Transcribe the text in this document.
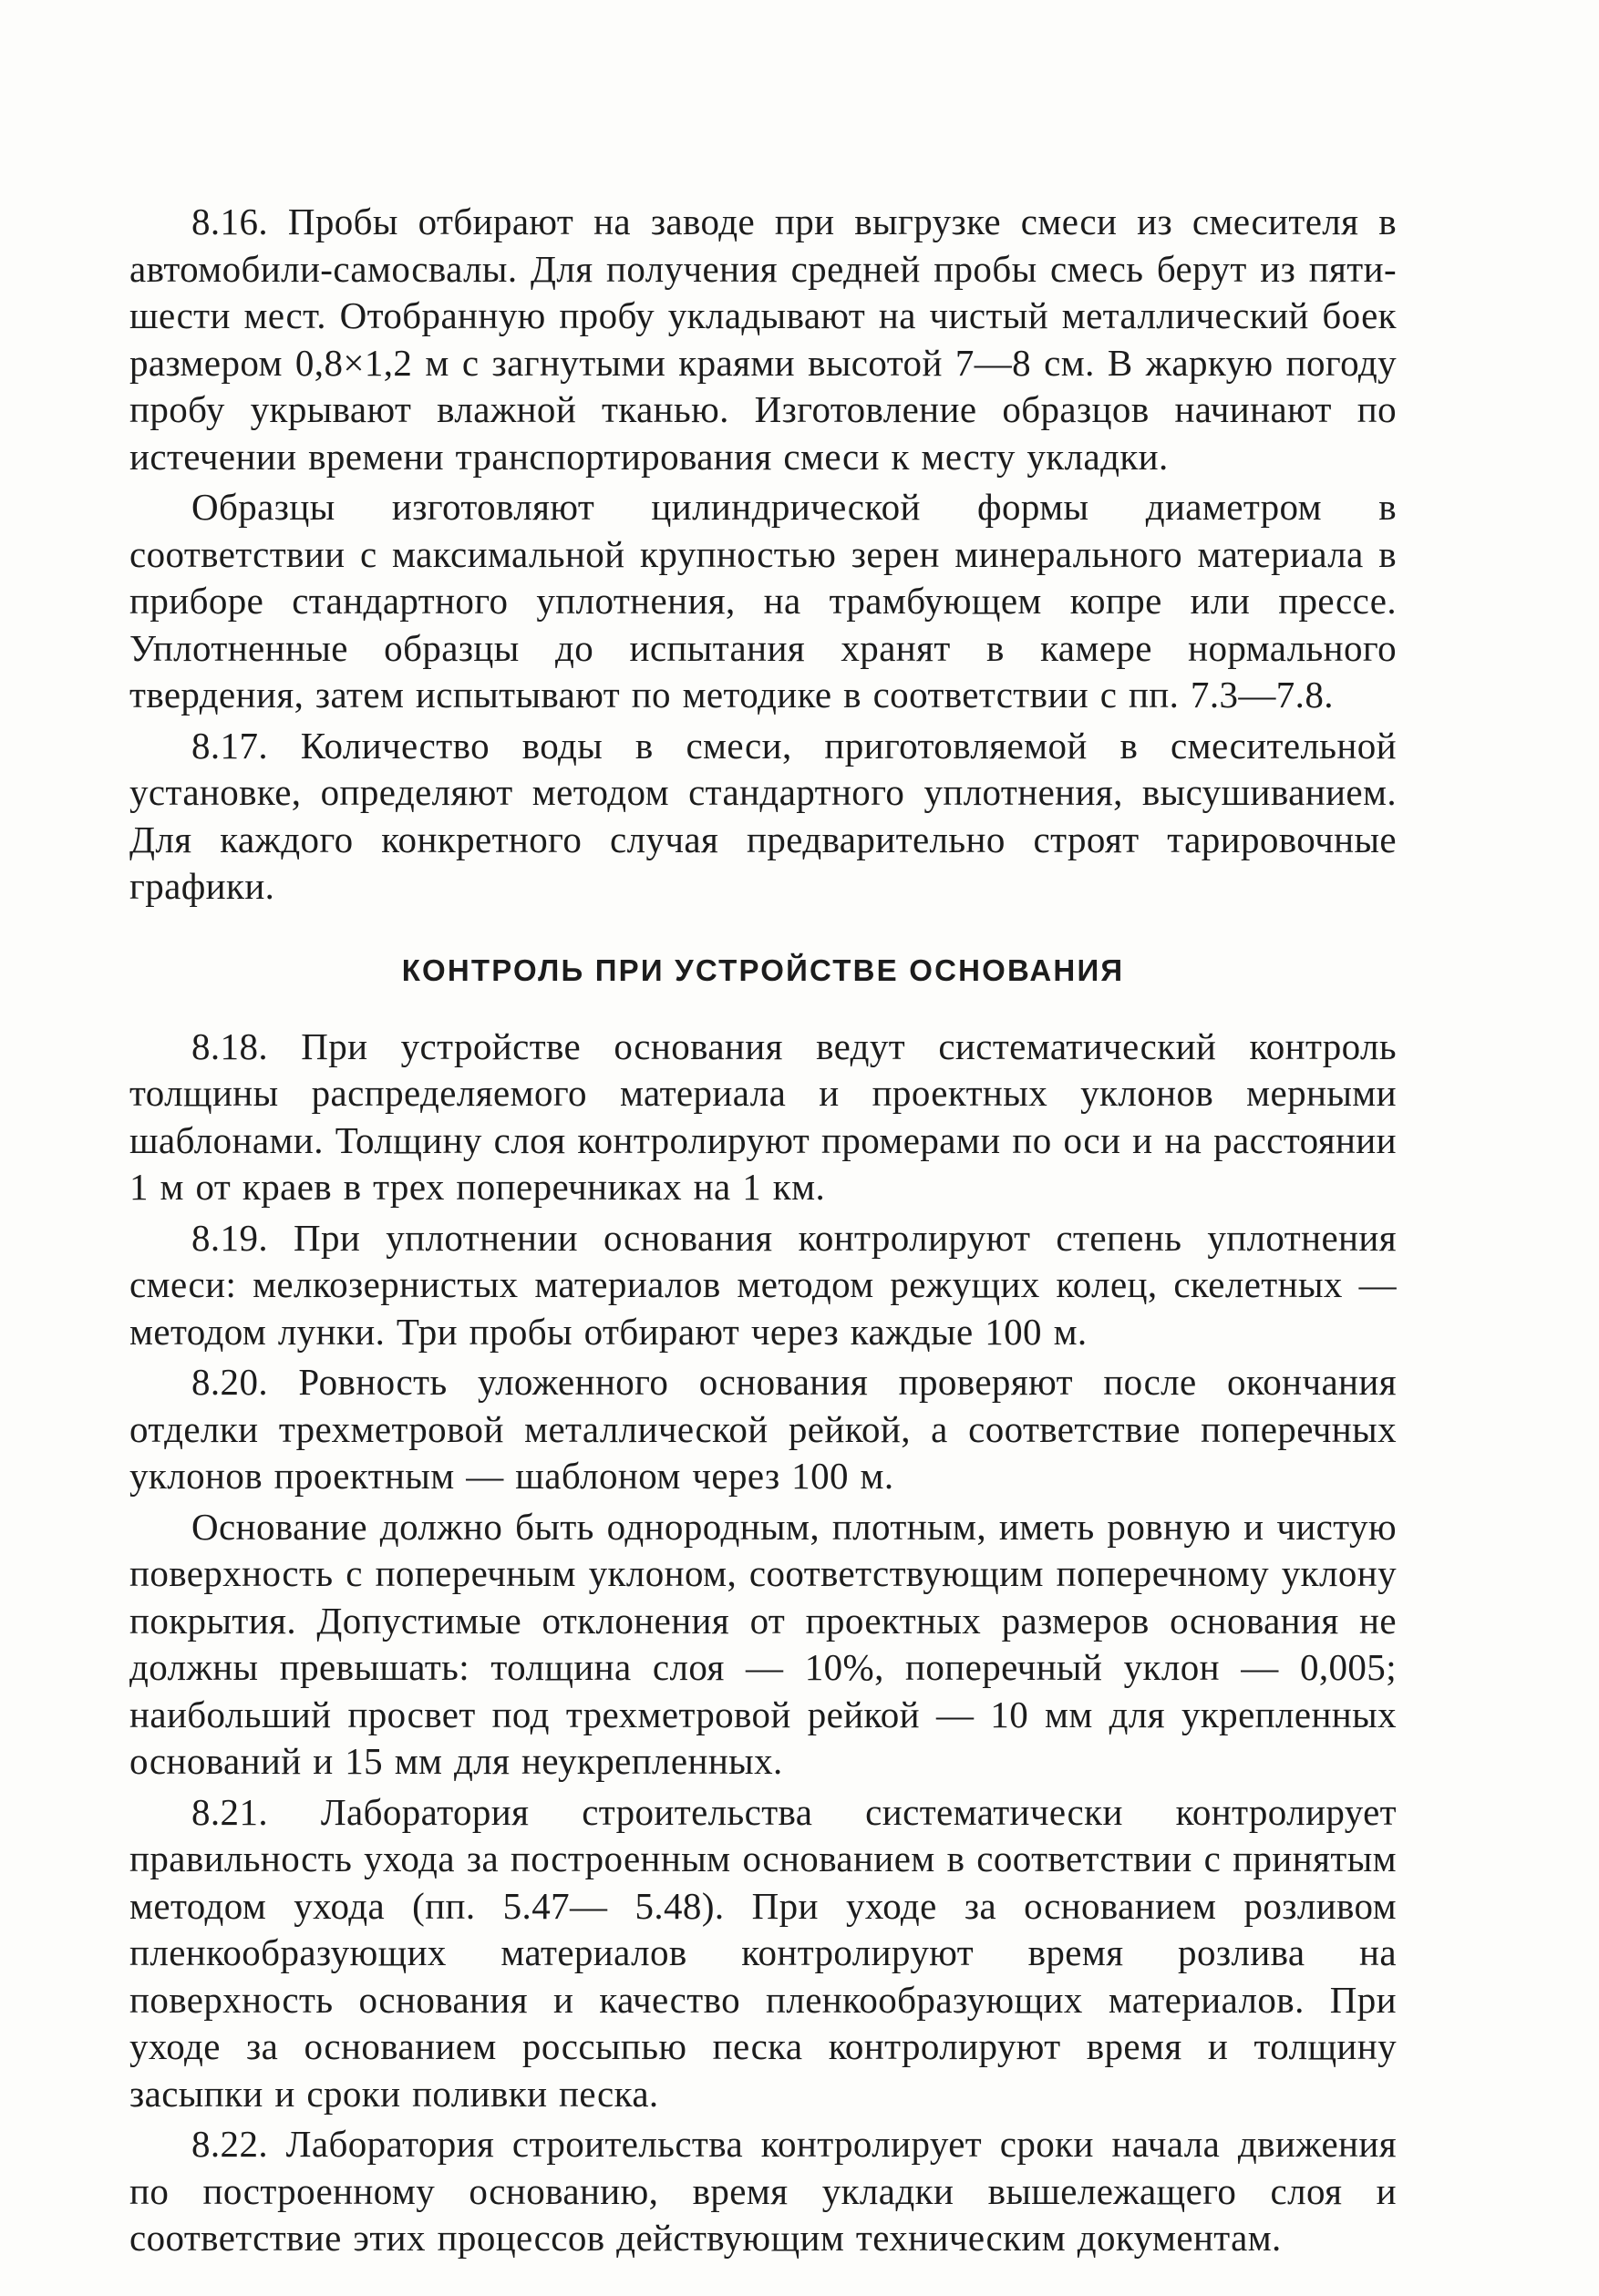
8.16. Пробы отбирают на заводе при выгрузке смеси из смесителя в автомобили-самосвалы. Для получения средней пробы смесь берут из пяти-шести мест. Отобранную пробу укладывают на чистый металлический боек размером 0,8×1,2 м с загнутыми краями высотой 7—8 см. В жаркую погоду пробу укрывают влажной тканью. Изготовление образцов начинают по истечении времени транспортирования смеси к месту укладки.

Образцы изготовляют цилиндрической формы диаметром в соответствии с максимальной крупностью зерен минерального материала в приборе стандартного уплотнения, на трамбующем копре или прессе. Уплотненные образцы до испытания хранят в камере нормального твердения, затем испытывают по методике в соответствии с пп. 7.3—7.8.

8.17. Количество воды в смеси, приготовляемой в смесительной установке, определяют методом стандартного уплотнения, высушиванием. Для каждого конкретного случая предварительно строят тарировочные графики.

КОНТРОЛЬ ПРИ УСТРОЙСТВЕ ОСНОВАНИЯ

8.18. При устройстве основания ведут систематический контроль толщины распределяемого материала и проектных уклонов мерными шаблонами. Толщину слоя контролируют промерами по оси и на расстоянии 1 м от краев в трех поперечниках на 1 км.

8.19. При уплотнении основания контролируют степень уплотнения смеси: мелкозернистых материалов методом режущих колец, скелетных — методом лунки. Три пробы отбирают через каждые 100 м.

8.20. Ровность уложенного основания проверяют после окончания отделки трехметровой металлической рейкой, а соответствие поперечных уклонов проектным — шаблоном через 100 м.

Основание должно быть однородным, плотным, иметь ровную и чистую поверхность с поперечным уклоном, соответствующим поперечному уклону покрытия. Допустимые отклонения от проектных размеров основания не должны превышать: толщина слоя — 10%, поперечный уклон — 0,005; наибольший просвет под трехметровой рейкой — 10 мм для укрепленных оснований и 15 мм для неукрепленных.

8.21. Лаборатория строительства систематически контролирует правильность ухода за построенным основанием в соответствии с принятым методом ухода (пп. 5.47— 5.48). При уходе за основанием розливом пленкообразующих материалов контролируют время розлива на поверхность основания и качество пленкообразующих материалов. При уходе за основанием россыпью песка контролируют время и толщину засыпки и сроки поливки песка.

8.22. Лаборатория строительства контролирует сроки начала движения по построенному основанию, время укладки вышележащего слоя и соответствие этих процессов действующим техническим документам.
